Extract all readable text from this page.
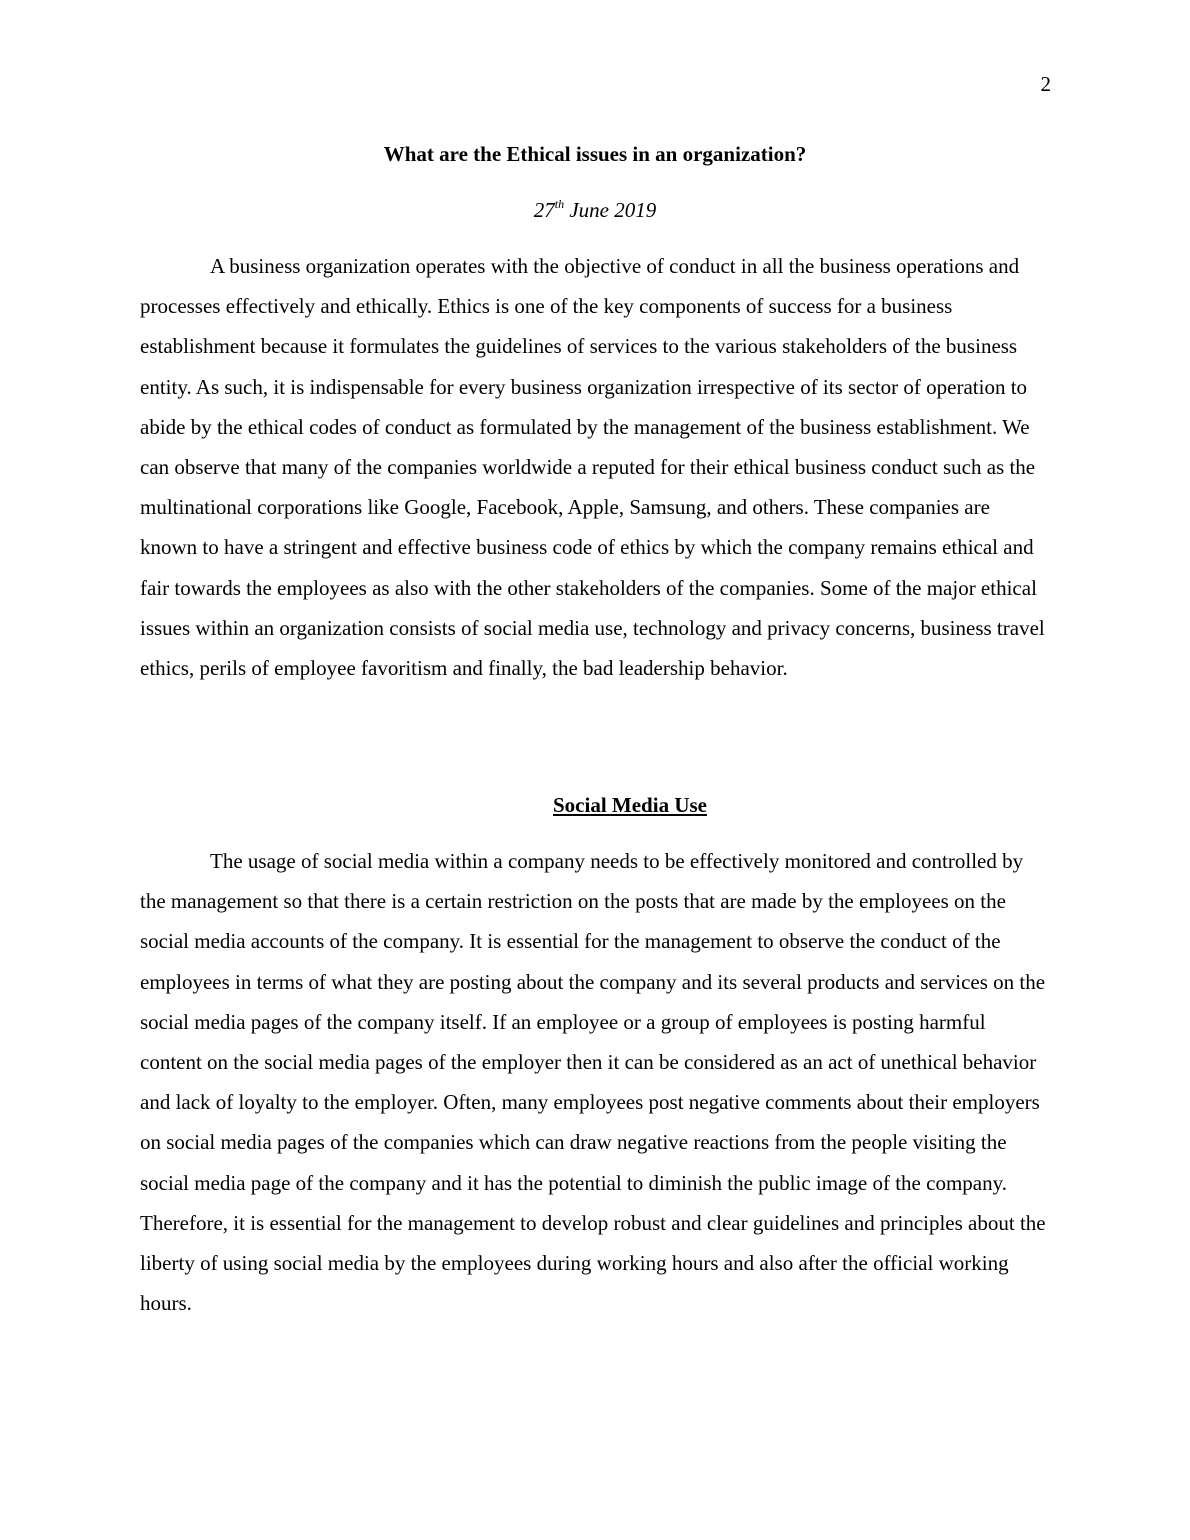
2
What are the Ethical issues in an organization?
27th June 2019

A business organization operates with the objective of conduct in all the business operations and processes effectively and ethically. Ethics is one of the key components of success for a business establishment because it formulates the guidelines of services to the various stakeholders of the business entity. As such, it is indispensable for every business organization irrespective of its sector of operation to abide by the ethical codes of conduct as formulated by the management of the business establishment. We can observe that many of the companies worldwide a reputed for their ethical business conduct such as the multinational corporations like Google, Facebook, Apple, Samsung, and others. These companies are known to have a stringent and effective business code of ethics by which the company remains ethical and fair towards the employees as also with the other stakeholders of the companies. Some of the major ethical issues within an organization consists of social media use, technology and privacy concerns, business travel ethics, perils of employee favoritism and finally, the bad leadership behavior.

Social Media Use

The usage of social media within a company needs to be effectively monitored and controlled by the management so that there is a certain restriction on the posts that are made by the employees on the social media accounts of the company. It is essential for the management to observe the conduct of the employees in terms of what they are posting about the company and its several products and services on the social media pages of the company itself. If an employee or a group of employees is posting harmful content on the social media pages of the employer then it can be considered as an act of unethical behavior and lack of loyalty to the employer. Often, many employees post negative comments about their employers on social media pages of the companies which can draw negative reactions from the people visiting the social media page of the company and it has the potential to diminish the public image of the company. Therefore, it is essential for the management to develop robust and clear guidelines and principles about the liberty of using social media by the employees during working hours and also after the official working hours.
